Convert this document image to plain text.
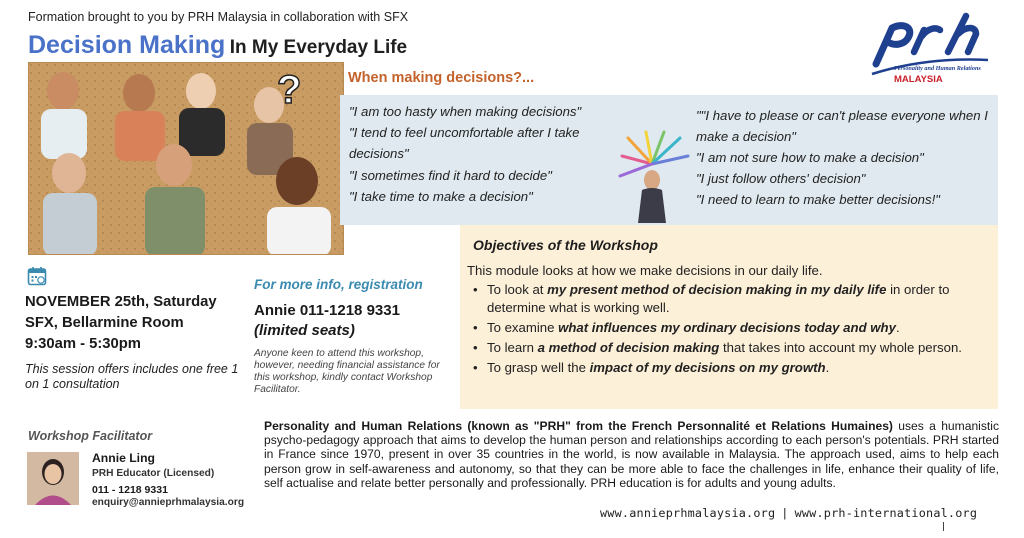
Formation brought to you by PRH Malaysia in collaboration with SFX
Decision Making In My Everyday Life
Personality and Human Relations
MALAYSIA
?	When making decisions?...
"I am too hasty when making decisions"
"I tend to feel uncomfortable after I take decisions"
"I sometimes find it hard to decide"
"I take time to make a decision"
""I have to please or can't please everyone when I make a decision"
"I am not sure how to make a decision"
"I just follow others' decision"
"I need to learn to make better decisions!"
Objectives of the Workshop
This module looks at how we make decisions in our daily life.
• To look at my present method of decision making in my daily life in order to determine what is working well.
• To examine what influences my ordinary decisions today and why.
• To learn a method of decision making that takes into account my whole person.
• To grasp well the impact of my decisions on my growth.
NOVEMBER 25th, Saturday
SFX, Bellarmine Room
9:30am - 5:30pm
This session offers includes one free 1 on 1 consultation
For more info, registration
Annie 011-1218 9331
(limited seats)
Anyone keen to attend this workshop, however, needing financial assistance for this workshop, kindly contact Workshop Facilitator.
Workshop Facilitator
Annie Ling
PRH Educator (Licensed)
011 - 1218 9331
enquiry@annieprhmalaysia.org
Personality and Human Relations (known as "PRH" from the French Personnalité et Relations Humaines) uses a humanistic psycho-pedagogy approach that aims to develop the human person and relationships according to each person's potentials. PRH started in France since 1970, present in over 35 countries in the world, is now available in Malaysia. The approach used, aims to help each person grow in self-awareness and autonomy, so that they can be more able to face the challenges in life, enhance their quality of life, self actualise and relate better personally and professionally. PRH education is for adults and young adults.
www.annieprhmalaysia.org | www.prh-international.org
